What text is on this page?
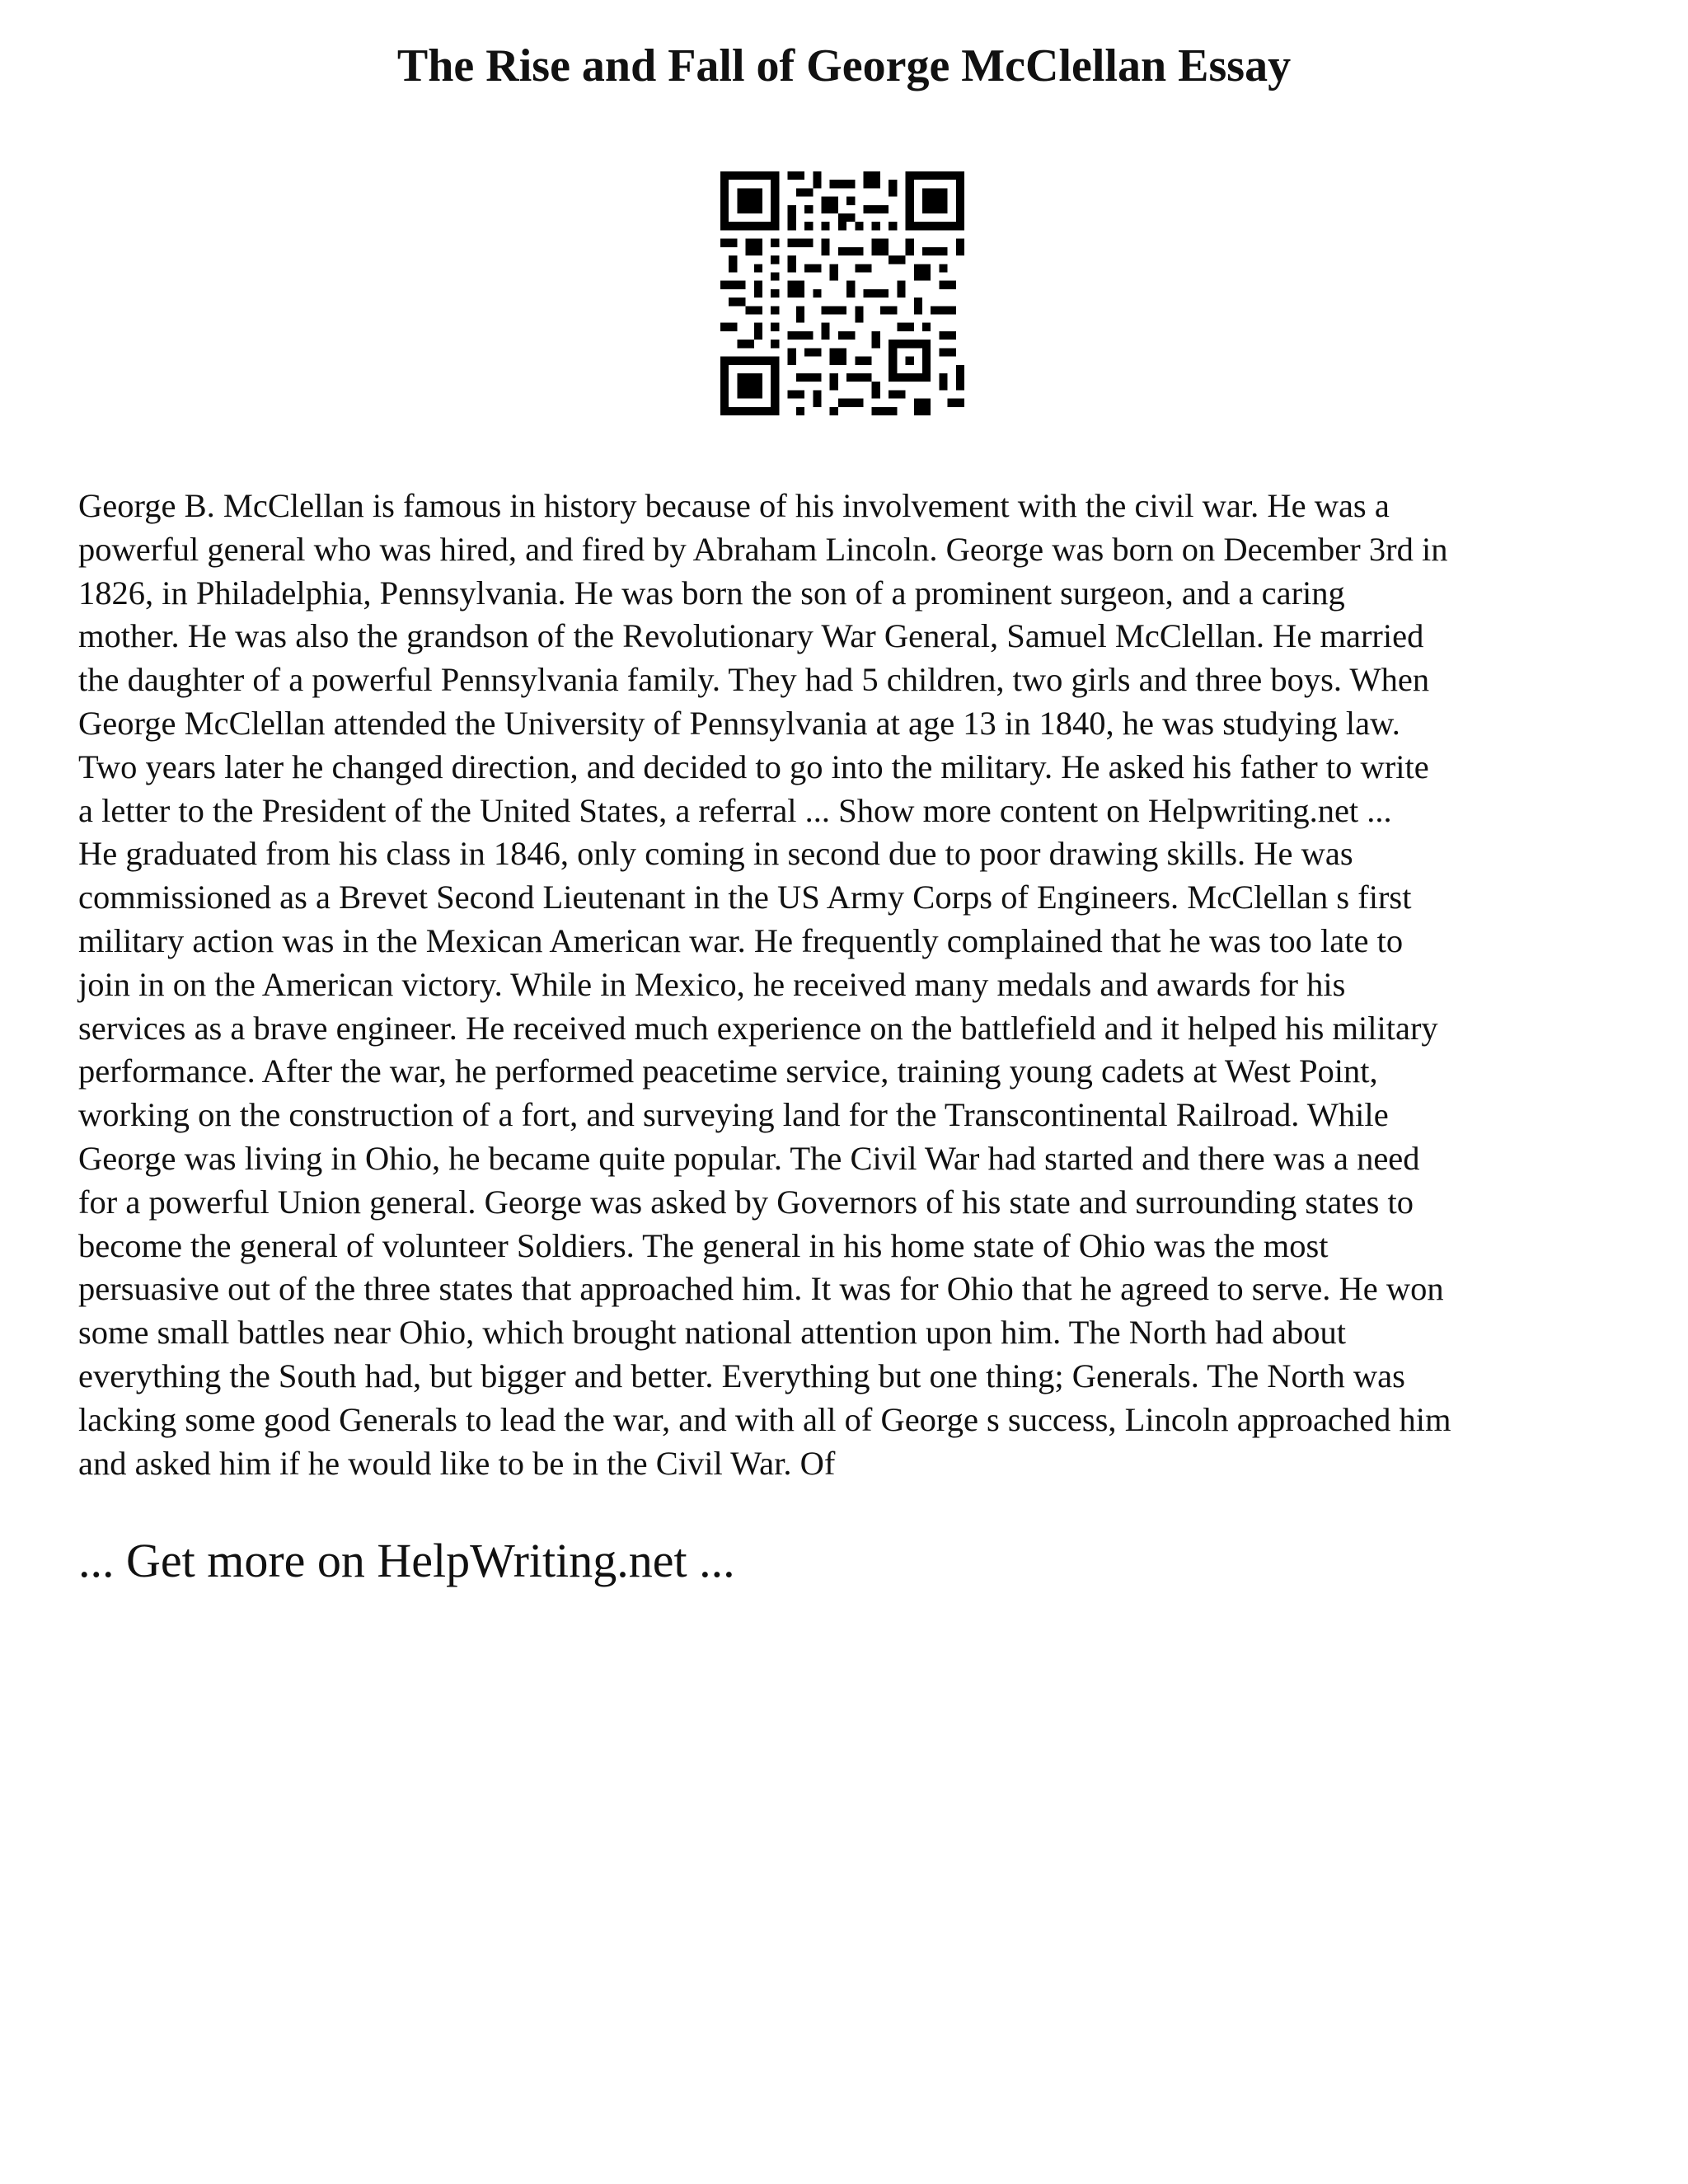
The Rise and Fall of George McClellan Essay
George B. McClellan is famous in history because of his involvement with the civil war. He was a
powerful general who was hired, and fired by Abraham Lincoln. George was born on December 3rd in
1826, in Philadelphia, Pennsylvania. He was born the son of a prominent surgeon, and a caring
mother. He was also the grandson of the Revolutionary War General, Samuel McClellan. He married
the daughter of a powerful Pennsylvania family. They had 5 children, two girls and three boys. When
George McClellan attended the University of Pennsylvania at age 13 in 1840, he was studying law.
Two years later he changed direction, and decided to go into the military. He asked his father to write
a letter to the President of the United States, a referral ... Show more content on Helpwriting.net ...
He graduated from his class in 1846, only coming in second due to poor drawing skills. He was
commissioned as a Brevet Second Lieutenant in the US Army Corps of Engineers. McClellan s first
military action was in the Mexican American war. He frequently complained that he was too late to
join in on the American victory. While in Mexico, he received many medals and awards for his
services as a brave engineer. He received much experience on the battlefield and it helped his military
performance. After the war, he performed peacetime service, training young cadets at West Point,
working on the construction of a fort, and surveying land for the Transcontinental Railroad. While
George was living in Ohio, he became quite popular. The Civil War had started and there was a need
for a powerful Union general. George was asked by Governors of his state and surrounding states to
become the general of volunteer Soldiers. The general in his home state of Ohio was the most
persuasive out of the three states that approached him. It was for Ohio that he agreed to serve. He won
some small battles near Ohio, which brought national attention upon him. The North had about
everything the South had, but bigger and better. Everything but one thing; Generals. The North was
lacking some good Generals to lead the war, and with all of George s success, Lincoln approached him
and asked him if he would like to be in the Civil War. Of
... Get more on HelpWriting.net ...
